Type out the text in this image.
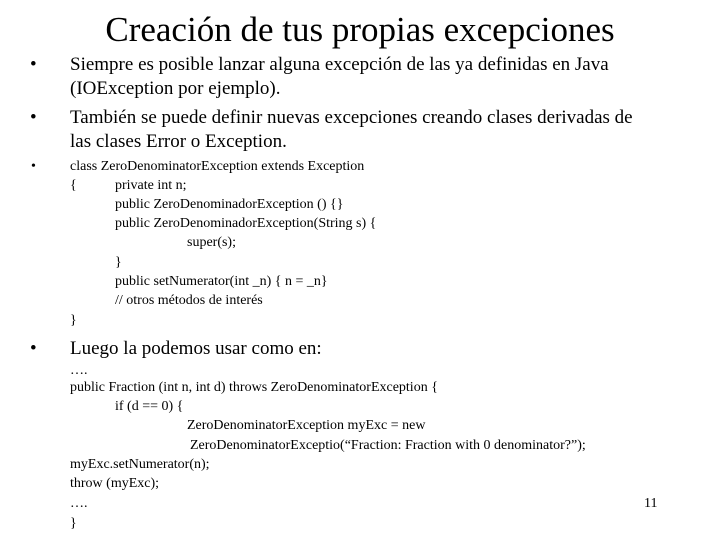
Creación de tus propias excepciones
• Siempre es posible lanzar alguna excepción de las ya definidas en Java
(IOException por ejemplo).
• También se puede definir nuevas excepciones creando clases derivadas de
las clases Error o Exception.
• class ZeroDenominatorException extends Exception
{	private int n;
public ZeroDenominadorException () {}
public ZeroDenominadorException(String s) {
super(s);
}
public setNumerator(int _n) { n = _n}
// otros métodos de interés
}
• Luego la podemos usar como en:
….
public Fraction (int n, int d) throws ZeroDenominatorException {
if (d == 0) {
ZeroDenominatorException myExc = new
ZeroDenominatorExceptio(“Fraction: Fraction with 0 denominator?”);
myExc.setNumerator(n);
throw (myExc);
….
}
11
